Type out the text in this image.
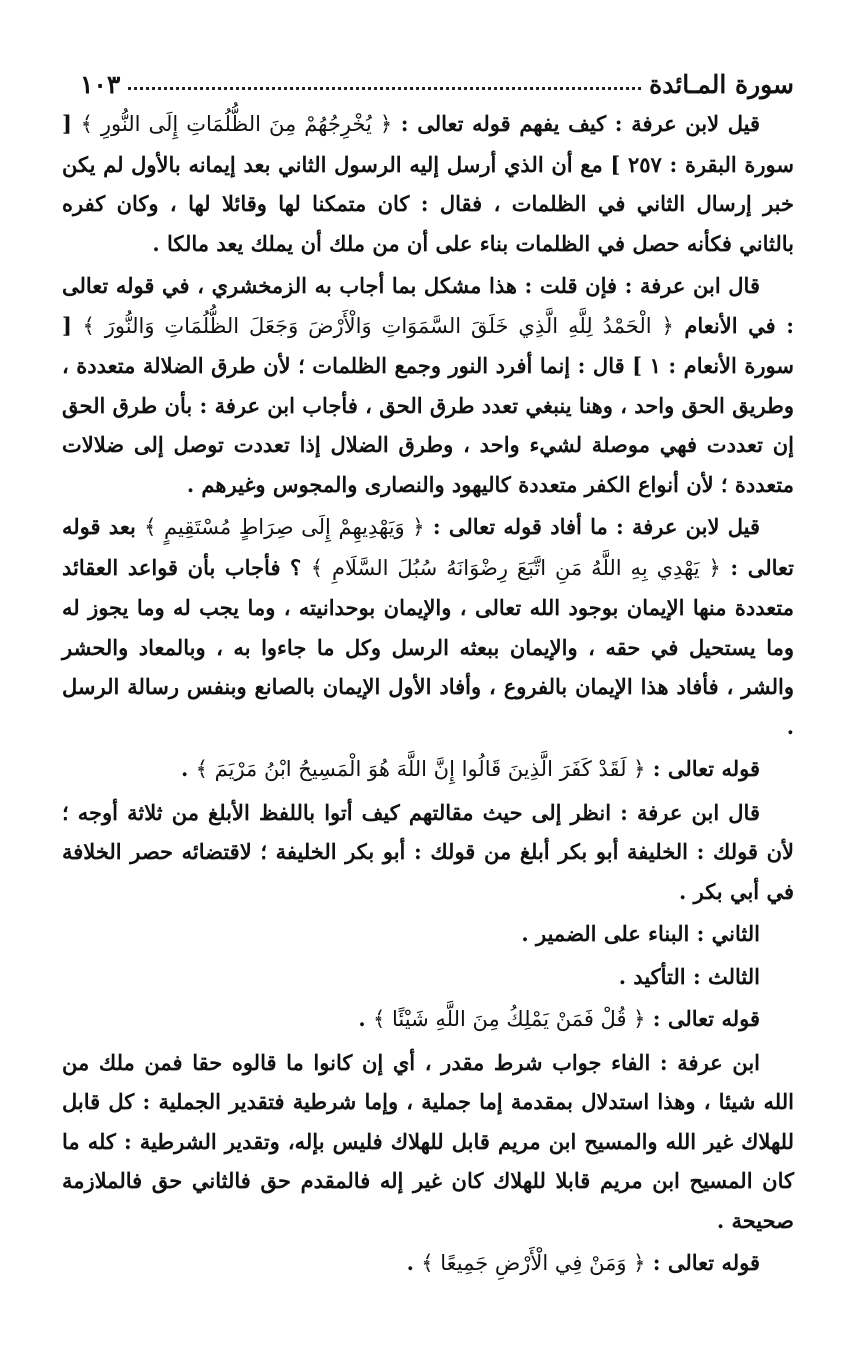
سورة المـائدة
١٠٣

قيل لابن عرفة : كيف يفهم قوله تعالى : ﴿ يُخْرِجُهُمْ مِنَ الظُّلُمَاتِ إِلَى النُّورِ ﴾ [ سورة البقرة : ٢٥٧ ] مع أن الذي أرسل إليه الرسول الثاني بعد إيمانه بالأول لم يكن خبر إرسال الثاني في الظلمات ، فقال : كان متمكنا لها وقائلا لها ، وكان كفره بالثاني فكأنه حصل في الظلمات بناء على أن من ملك أن يملك يعد مالكا .

قال ابن عرفة : فإن قلت : هذا مشكل بما أجاب به الزمخشري ، في قوله تعالى : في الأنعام ﴿ الْحَمْدُ لِلَّهِ الَّذِي خَلَقَ السَّمَوَاتِ وَالْأَرْضَ وَجَعَلَ الظُّلُمَاتِ وَالنُّورَ ﴾ [ سورة الأنعام : ١ ] قال : إنما أفرد النور وجمع الظلمات ؛ لأن طرق الضلالة متعددة ، وطريق الحق واحد ، وهنا ينبغي تعدد طرق الحق ، فأجاب ابن عرفة : بأن طرق الحق إن تعددت فهي موصلة لشيء واحد ، وطرق الضلال إذا تعددت توصل إلى ضلالات متعددة ؛ لأن أنواع الكفر متعددة كاليهود والنصارى والمجوس وغيرهم .

قيل لابن عرفة : ما أفاد قوله تعالى : ﴿ وَيَهْدِيهِمْ إِلَى صِرَاطٍ مُسْتَقِيمٍ ﴾ بعد قوله تعالى : ﴿ يَهْدِي بِهِ اللَّهُ مَنِ اتَّبَعَ رِضْوَانَهُ سُبُلَ السَّلَامِ ﴾ ؟ فأجاب بأن قواعد العقائد متعددة منها الإيمان بوجود الله تعالى ، والإيمان بوحدانيته ، وما يجب له وما يجوز له وما يستحيل في حقه ، والإيمان ببعثه الرسل وكل ما جاءوا به ، وبالمعاد والحشر والشر ، فأفاد هذا الإيمان بالفروع ، وأفاد الأول الإيمان بالصانع وبنفس رسالة الرسل .

قوله تعالى : ﴿ لَقَدْ كَفَرَ الَّذِينَ قَالُوا إِنَّ اللَّهَ هُوَ الْمَسِيحُ ابْنُ مَرْيَمَ ﴾ .

قال ابن عرفة : انظر إلى حيث مقالتهم كيف أتوا باللفظ الأبلغ من ثلاثة أوجه ؛ لأن قولك : الخليفة أبو بكر أبلغ من قولك : أبو بكر الخليفة ؛ لاقتضائه حصر الخلافة في أبي بكر .

الثاني : البناء على الضمير .

الثالث : التأكيد .

قوله تعالى : ﴿ قُلْ فَمَنْ يَمْلِكُ مِنَ اللَّهِ شَيْئًا ﴾ .

ابن عرفة : الفاء جواب شرط مقدر ، أي إن كانوا ما قالوه حقا فمن ملك من الله شيئا ، وهذا استدلال بمقدمة إما جملية ، وإما شرطية فتقدير الجملية : كل قابل للهلاك غير الله والمسيح ابن مريم قابل للهلاك فليس بإله، وتقدير الشرطية : كله ما كان المسيح ابن مريم قابلا للهلاك كان غير إله فالمقدم حق فالثاني حق فالملازمة صحيحة .

قوله تعالى : ﴿ وَمَنْ فِي الْأَرْضِ جَمِيعًا ﴾ .
